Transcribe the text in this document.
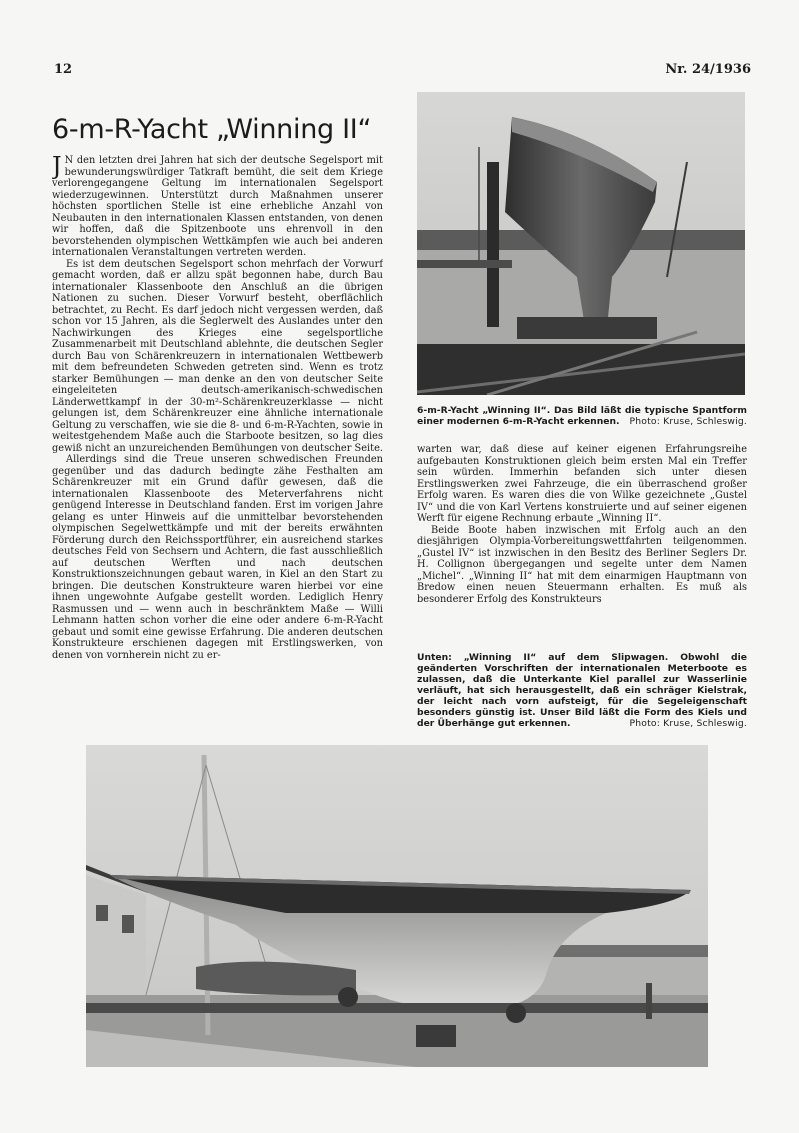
12	Nr. 24/1936
6-m-R-Yacht „Winning II“

J N den letzten drei Jahren hat sich der deutsche Segelsport mit bewunderungswürdiger Tatkraft bemüht, die seit dem Kriege verlorengegangene Geltung im internationalen Segelsport wiederzugewinnen. Unterstützt durch Maßnahmen unserer höchsten sportlichen Stelle ist eine erhebliche Anzahl von Neubauten in den internationalen Klassen entstanden, von denen wir hoffen, daß die Spitzenboote uns ehrenvoll in den bevorstehenden olympischen Wettkämpfen wie auch bei anderen internationalen Veranstaltungen vertreten werden.

Es ist dem deutschen Segelsport schon mehrfach der Vorwurf gemacht worden, daß er allzu spät begonnen habe, durch Bau internationaler Klassenboote den Anschluß an die übrigen Nationen zu suchen. Dieser Vorwurf besteht, oberflächlich betrachtet, zu Recht. Es darf jedoch nicht vergessen werden, daß schon vor 15 Jahren, als die Seglerwelt des Auslandes unter den Nachwirkungen des Krieges eine segelsportliche Zusammenarbeit mit Deutschland ablehnte, die deutschen Segler durch Bau von Schärenkreuzern in internationalen Wettbewerb mit dem befreundeten Schweden getreten sind. Wenn es trotz starker Bemühungen — man denke an den von deutscher Seite eingeleiteten deutsch-amerikanisch-schwedischen Länderwettkampf in der 30-m²-Schärenkreuzerklasse — nicht gelungen ist, dem Schärenkreuzer eine ähnliche internationale Geltung zu verschaffen, wie sie die 8- und 6-m-R-Yachten, sowie in weitestgehendem Maße auch die Starboote besitzen, so lag dies gewiß nicht an unzureichenden Bemühungen von deutscher Seite.

Allerdings sind die Treue unseren schwedischen Freunden gegenüber und das dadurch bedingte zähe Festhalten am Schärenkreuzer mit ein Grund dafür gewesen, daß die internationalen Klassenboote des Meterverfahrens nicht genügend Interesse in Deutschland fanden. Erst im vorigen Jahre gelang es unter Hinweis auf die unmittelbar bevorstehenden olympischen Segelwettkämpfe und mit der bereits erwähnten Förderung durch den Reichssportführer, ein ausreichend starkes deutsches Feld von Sechsern und Achtern, die fast ausschließlich auf deutschen Werften und nach deutschen Konstruktionszeichnungen gebaut waren, in Kiel an den Start zu bringen. Die deutschen Konstrukteure waren hierbei vor eine ihnen ungewohnte Aufgabe gestellt worden. Lediglich Henry Rasmussen und — wenn auch in beschränktem Maße — Willi Lehmann hatten schon vorher die eine oder andere 6-m-R-Yacht gebaut und somit eine gewisse Erfahrung. Die anderen deutschen Konstrukteure erschienen dagegen mit Erstlingswerken, von denen von vornherein nicht zu er-

6-m-R-Yacht „Winning II“. Das Bild läßt die typische Spantform einer modernen 6-m-R-Yacht erkennen. Photo: Kruse, Schleswig.

warten war, daß diese auf keiner eigenen Erfahrungsreihe aufgebauten Konstruktionen gleich beim ersten Mal ein Treffer sein würden. Immerhin befanden sich unter diesen Erstlingswerken zwei Fahrzeuge, die ein überraschend großer Erfolg waren. Es waren dies die von Wilke gezeichnete „Gustel IV“ und die von Karl Vertens konstruierte und auf seiner eigenen Werft für eigene Rechnung erbaute „Winning II“.

Beide Boote haben inzwischen mit Erfolg auch an den diesjährigen Olympia-Vorbereitungswettfahrten teilgenommen. „Gustel IV“ ist inzwischen in den Besitz des Berliner Seglers Dr. H. Collignon übergegangen und segelte unter dem Namen „Michel“. „Winning II“ hat mit dem einarmigen Hauptmann von Bredow einen neuen Steuermann erhalten. Es muß als besonderer Erfolg des Konstrukteurs

Unten: „Winning II“ auf dem Slipwagen. Obwohl die geänderten Vorschriften der internationalen Meterboote es zulassen, daß die Unterkante Kiel parallel zur Wasserlinie verläuft, hat sich herausgestellt, daß ein schräger Kielstrak, der leicht nach vorn aufsteigt, für die Segeleigenschaft besonders günstig ist. Unser Bild läßt die Form des Kiels und der Überhänge gut erkennen.	Photo: Kruse, Schleswig.
